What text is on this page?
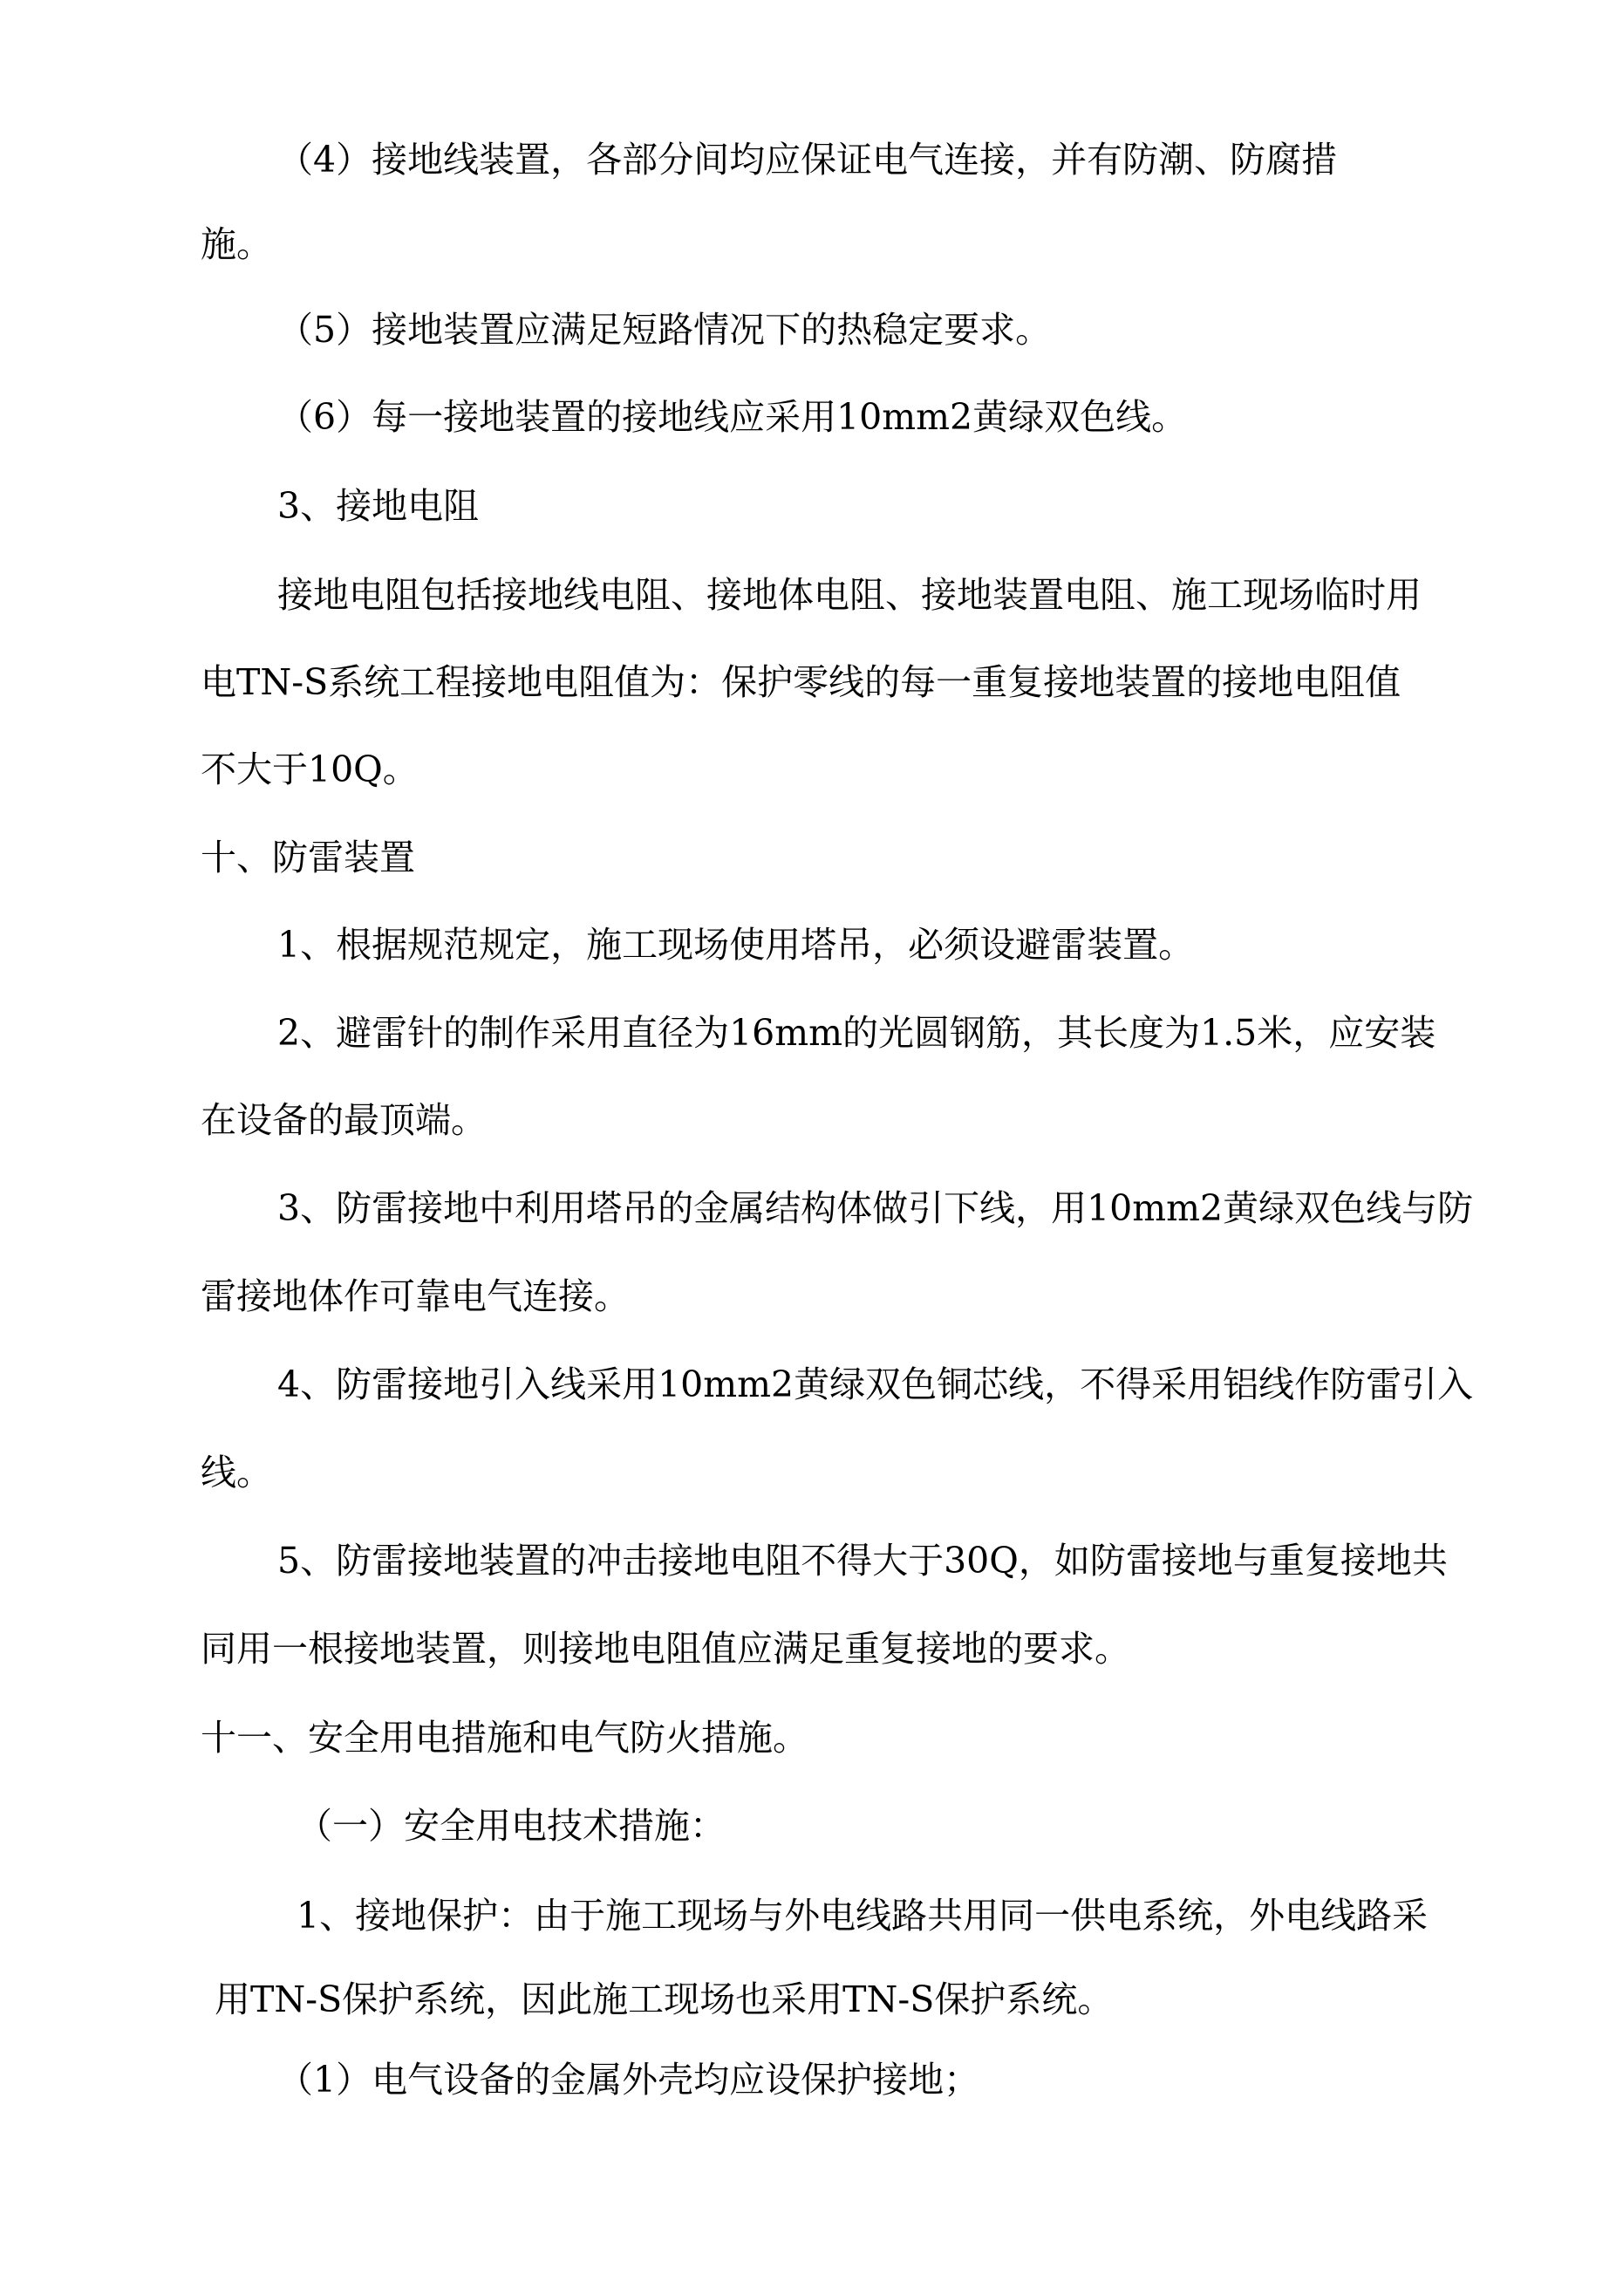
（4）接地线装置，各部分间均应保证电气连接，并有防潮、防腐措

施。

（5）接地装置应满足短路情况下的热稳定要求。

（6）每一接地装置的接地线应采用10mm2黄绿双色线。

3、接地电阻

接地电阻包括接地线电阻、接地体电阻、接地装置电阻、施工现场临时用

电TN-S系统工程接地电阻值为：保护零线的每一重复接地装置的接地电阻值

不大于10Q。

十、防雷装置

1、根据规范规定，施工现场使用塔吊，必须设避雷装置。

2、避雷针的制作采用直径为16mm的光圆钢筋，其长度为1.5米，应安装

在设备的最顶端。

3、防雷接地中利用塔吊的金属结构体做引下线，用10mm2黄绿双色线与防

雷接地体作可靠电气连接。

4、防雷接地引入线采用10mm2黄绿双色铜芯线，不得采用铝线作防雷引入

线。

5、防雷接地装置的冲击接地电阻不得大于30Q，如防雷接地与重复接地共

同用一根接地装置，则接地电阻值应满足重复接地的要求。

十一、安全用电措施和电气防火措施。

（一）安全用电技术措施：

1、接地保护：由于施工现场与外电线路共用同一供电系统，外电线路采

用TN-S保护系统，因此施工现场也采用TN-S保护系统。

（1）电气设备的金属外壳均应设保护接地；
